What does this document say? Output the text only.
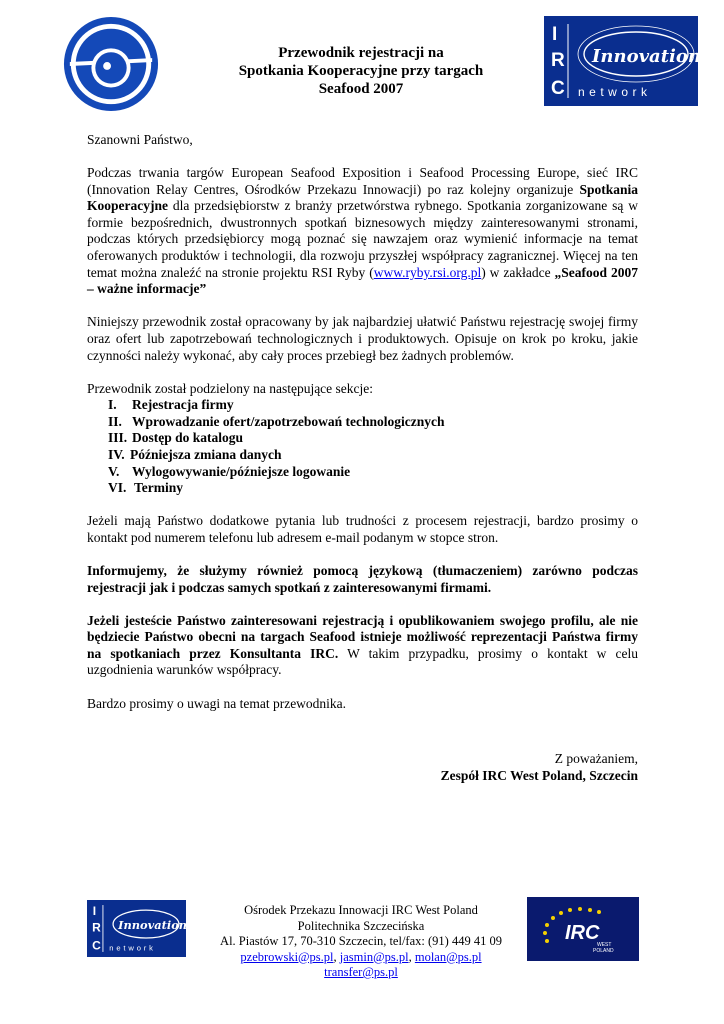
I
R
C
Innovation
network
Przewodnik rejestracji na
Spotkania Kooperacyjne przy targach
Seafood 2007

Szanowni Państwo,

Podczas trwania targów European Seafood Exposition i Seafood Processing Europe, sieć IRC (Innovation Relay Centres, Ośrodków Przekazu Innowacji) po raz kolejny organizuje Spotkania Kooperacyjne dla przedsiębiorstw z branży przetwórstwa rybnego. Spotkania zorganizowane są w formie bezpośrednich, dwustronnych spotkań biznesowych między zainteresowanymi stronami, podczas których przedsiębiorcy mogą poznać się nawzajem oraz wymienić informacje na temat oferowanych produktów i technologii, dla rozwoju przyszłej współpracy zagranicznej. Więcej na ten temat można znaleźć na stronie projektu RSI Ryby (www.ryby.rsi.org.pl) w zakładce „Seafood 2007 – ważne informacje”

Niniejszy przewodnik został opracowany by jak najbardziej ułatwić Państwu rejestrację swojej firmy oraz ofert lub zapotrzebowań technologicznych i produktowych. Opisuje on krok po kroku, jakie czynności należy wykonać, aby cały proces przebiegł bez żadnych problemów.

Przewodnik został podzielony na następujące sekcje:

I. Rejestracja firmy
II. Wprowadzanie ofert/zapotrzebowań technologicznych
III. Dostęp do katalogu
IV. Późniejsza zmiana danych
V. Wylogowywanie/późniejsze logowanie
VI. Terminy

Jeżeli mają Państwo dodatkowe pytania lub trudności z procesem rejestracji, bardzo prosimy o kontakt pod numerem telefonu lub adresem e-mail podanym w stopce stron.

Informujemy, że służymy również pomocą językową (tłumaczeniem) zarówno podczas rejestracji jak i podczas samych spotkań z zainteresowanymi firmami.

Jeżeli jesteście Państwo zainteresowani rejestracją i opublikowaniem swojego profilu, ale nie będziecie Państwo obecni na targach Seafood istnieje możliwość reprezentacji Państwa firmy na spotkaniach przez Konsultanta IRC. W takim przypadku, prosimy o kontakt w celu uzgodnienia warunków współpracy.

Bardzo prosimy o uwagi na temat przewodnika.

Z poważaniem,

Zespół IRC West Poland, Szczecin

I
R
C
Innovation
network
Ośrodek Przekazu Innowacji IRC West Poland
Politechnika Szczecińska
Al. Piastów 17, 70-310 Szczecin, tel/fax: (91) 449 41 09
pzebrowski@ps.pl, jasmin@ps.pl, molan@ps.pl
transfer@ps.pl
IRC
WEST
POLAND
